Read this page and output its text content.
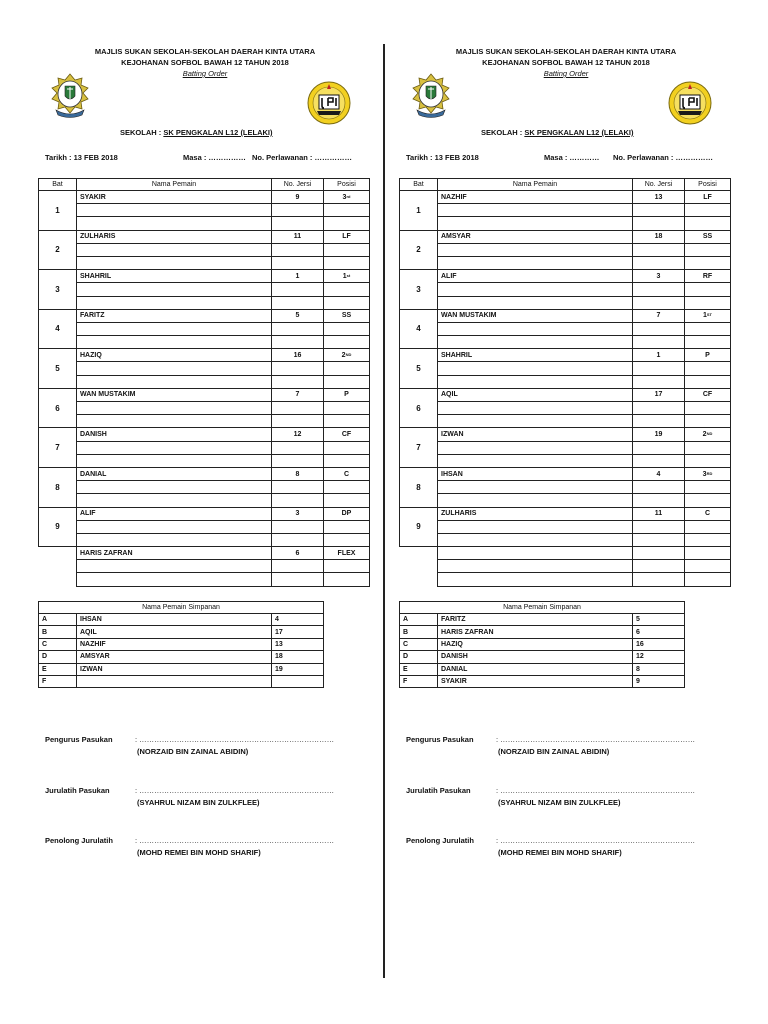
MAJLIS SUKAN SEKOLAH-SEKOLAH DAERAH KINTA UTARA
KEJOHANAN SOFBOL BAWAH 12 TAHUN 2018
Batting Order
SEKOLAH : SK PENGKALAN L12 (LELAKI)
Tarikh : 13 FEB 2018	Masa : …………… No. Perlawanan : ……………
Bat	Nama Pemain	No. Jersi	Posisi
1	SYAKIR	9	3rd

2	ZULHARIS	11	LF

3	SHAHRIL	1	1st

4	FARITZ	5	SS

5	HAZIQ	16	2ND

6	WAN MUSTAKIM	7	P

7	DANISH	12	CF

8	DANIAL	8	C

9	ALIF	3	DP

	HARIS ZAFRAN	6	FLEX

Nama Pemain Simpanan		
A	IHSAN	4
B	AQIL	17
C	NAZHIF	13
D	AMSYAR	18
E	IZWAN	19
F		
Pengurus Pasukan	: ……………………………………………………………………
(NORZAID BIN ZAINAL ABIDIN)
Jurulatih Pasukan	: ……………………………………………………………………
(SYAHRUL NIZAM BIN ZULKFLEE)
Penolong Jurulatih	: ……………………………………………………………………
(MOHD REMEI BIN MOHD SHARIF)
MAJLIS SUKAN SEKOLAH-SEKOLAH DAERAH KINTA UTARA
KEJOHANAN SOFBOL BAWAH 12 TAHUN 2018
Batting Order
SEKOLAH : SK PENGKALAN L12 (LELAKI)
Tarikh : 13 FEB 2018	Masa : ………… No. Perlawanan : ……………
Bat	Nama Pemain	No. Jersi	Posisi
1	NAZHIF	13	LF

2	AMSYAR	18	SS

3	ALIF	3	RF

4	WAN MUSTAKIM	7	1ST

5	SHAHRIL	1	P

6	AQIL	17	CF

7	IZWAN	19	2ND

8	IHSAN	4	3RD

9	ZULHARIS	11	C

Nama Pemain Simpanan		
A	FARITZ	5
B	HARIS ZAFRAN	6
C	HAZIQ	16
D	DANISH	12
E	DANIAL	8
F	SYAKIR	9
Pengurus Pasukan	: ……………………………………………………………………
(NORZAID BIN ZAINAL ABIDIN)
Jurulatih Pasukan	: ……………………………………………………………………
(SYAHRUL NIZAM BIN ZULKFLEE)
Penolong Jurulatih	: ……………………………………………………………………
(MOHD REMEI BIN MOHD SHARIF)
